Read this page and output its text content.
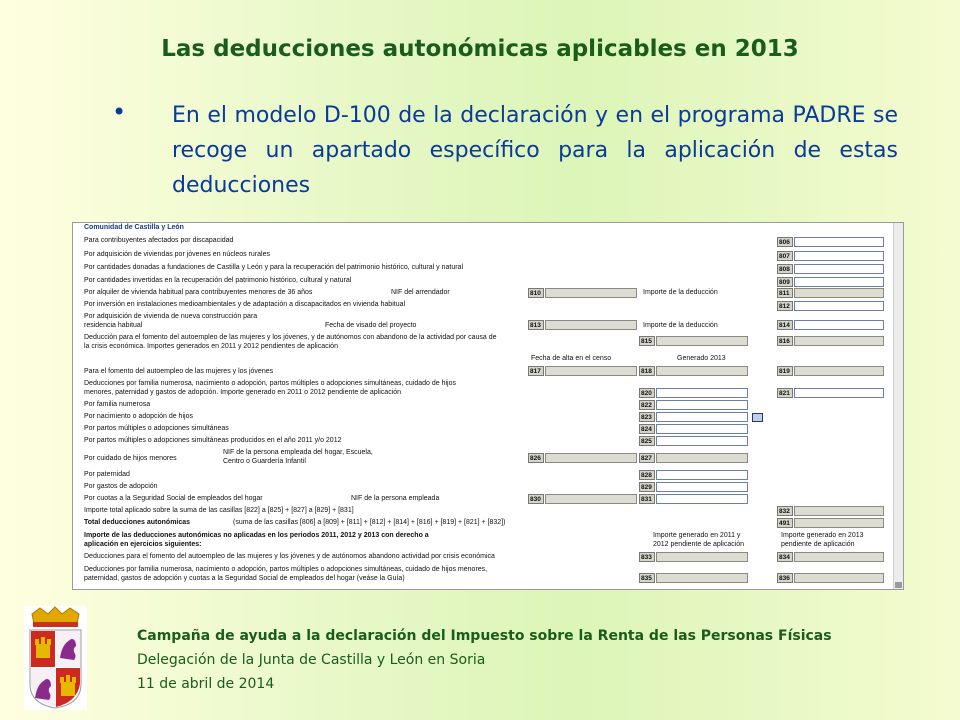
Las deducciones autonómicas aplicables en 2013
• En el modelo D-100 de la declaración y en el programa PADRE se recoge un apartado específico para la aplicación de estas deducciones
Comunidad de Castilla y León
Para contribuyentes afectados por discapacidad	806
Por adquisición de viviendas por jóvenes en núcleos rurales	807
Por cantidades donadas a fundaciones de Castilla y León y para la recuperación del patrimonio histórico, cultural y natural	808
Por cantidades invertidas en la recuperación del patrimonio histórico, cultural y natural	809
Por alquiler de vivienda habitual para contribuyentes menores de 36 años	NIF del arrendador	810	Importe de la deducción	811
Por inversión en instalaciones medioambientales y de adaptación a discapacitados en vivienda habitual	812
Por adquisición de vivienda de nueva construcción para
residencia habitual	Fecha de visado del proyecto	813	Importe de la deducción	814
Deducción para el fomento del autoempleo de las mujeres y los jóvenes, y de autónomos con abandono de la actividad por causa de
la crisis económica. Importes generados en 2011 y 2012 pendientes de aplicación
815	816
Fecha de alta en el censo	Generado 2013
Para el fomento del autoempleo de las mujeres y los jóvenes	817	818	819
Deducciones por familia numerosa, nacimiento o adopción, partos múltiples o adopciones simultáneas, cuidado de hijos
menores, paternidad y gastos de adopción. Importe generado en 2011 o 2012 pendiente de aplicación	820	821
Por familia numerosa	822
Por nacimiento o adopción de hijos	823
Por partos múltiples o adopciones simultáneas	824
Por partos múltiples o adopciones simultáneas producidos en el año 2011 y/o 2012	825
Por cuidado de hijos menores
NIF de la persona empleada del hogar, Escuela,
Centro o Guardería Infantil	826	827
Por paternidad	828
Por gastos de adopción	829
Por cuotas a la Seguridad Social de empleados del hogar	NIF de la persona empleada	830	831
Importe total aplicado sobre la suma de las casillas [822] a [825] + [827] a [829] + [831]	832
Total deducciones autonómicas	(suma de las casillas [806] a [809] + [811] + [812] + [814] + [816] + [819] + [821] + [832])	491
Importe de las deducciones autonómicas no aplicadas en los periodos 2011, 2012 y 2013 con derecho a
aplicación en ejercicios siguientes:
Importe generado en 2011 y
2012 pendiente de aplicación
Importe generado en 2013
pendiente de aplicación
Deducciones para el fomento del autoempleo de las mujeres y los jóvenes y de autónomos abandono actividad por crisis económica	833	834
Deducciones por familia numerosa, nacimiento o adopción, partos múltiples o adopciones simultáneas, cuidado de hijos menores,
paternidad, gastos de adopción y cuotas a la Seguridad Social de empleados del hogar (veáse la Guía)	835	836
Campaña de ayuda a la declaración del Impuesto sobre la Renta de las Personas Físicas
Delegación de la Junta de Castilla y León en Soria
11 de abril de 2014
